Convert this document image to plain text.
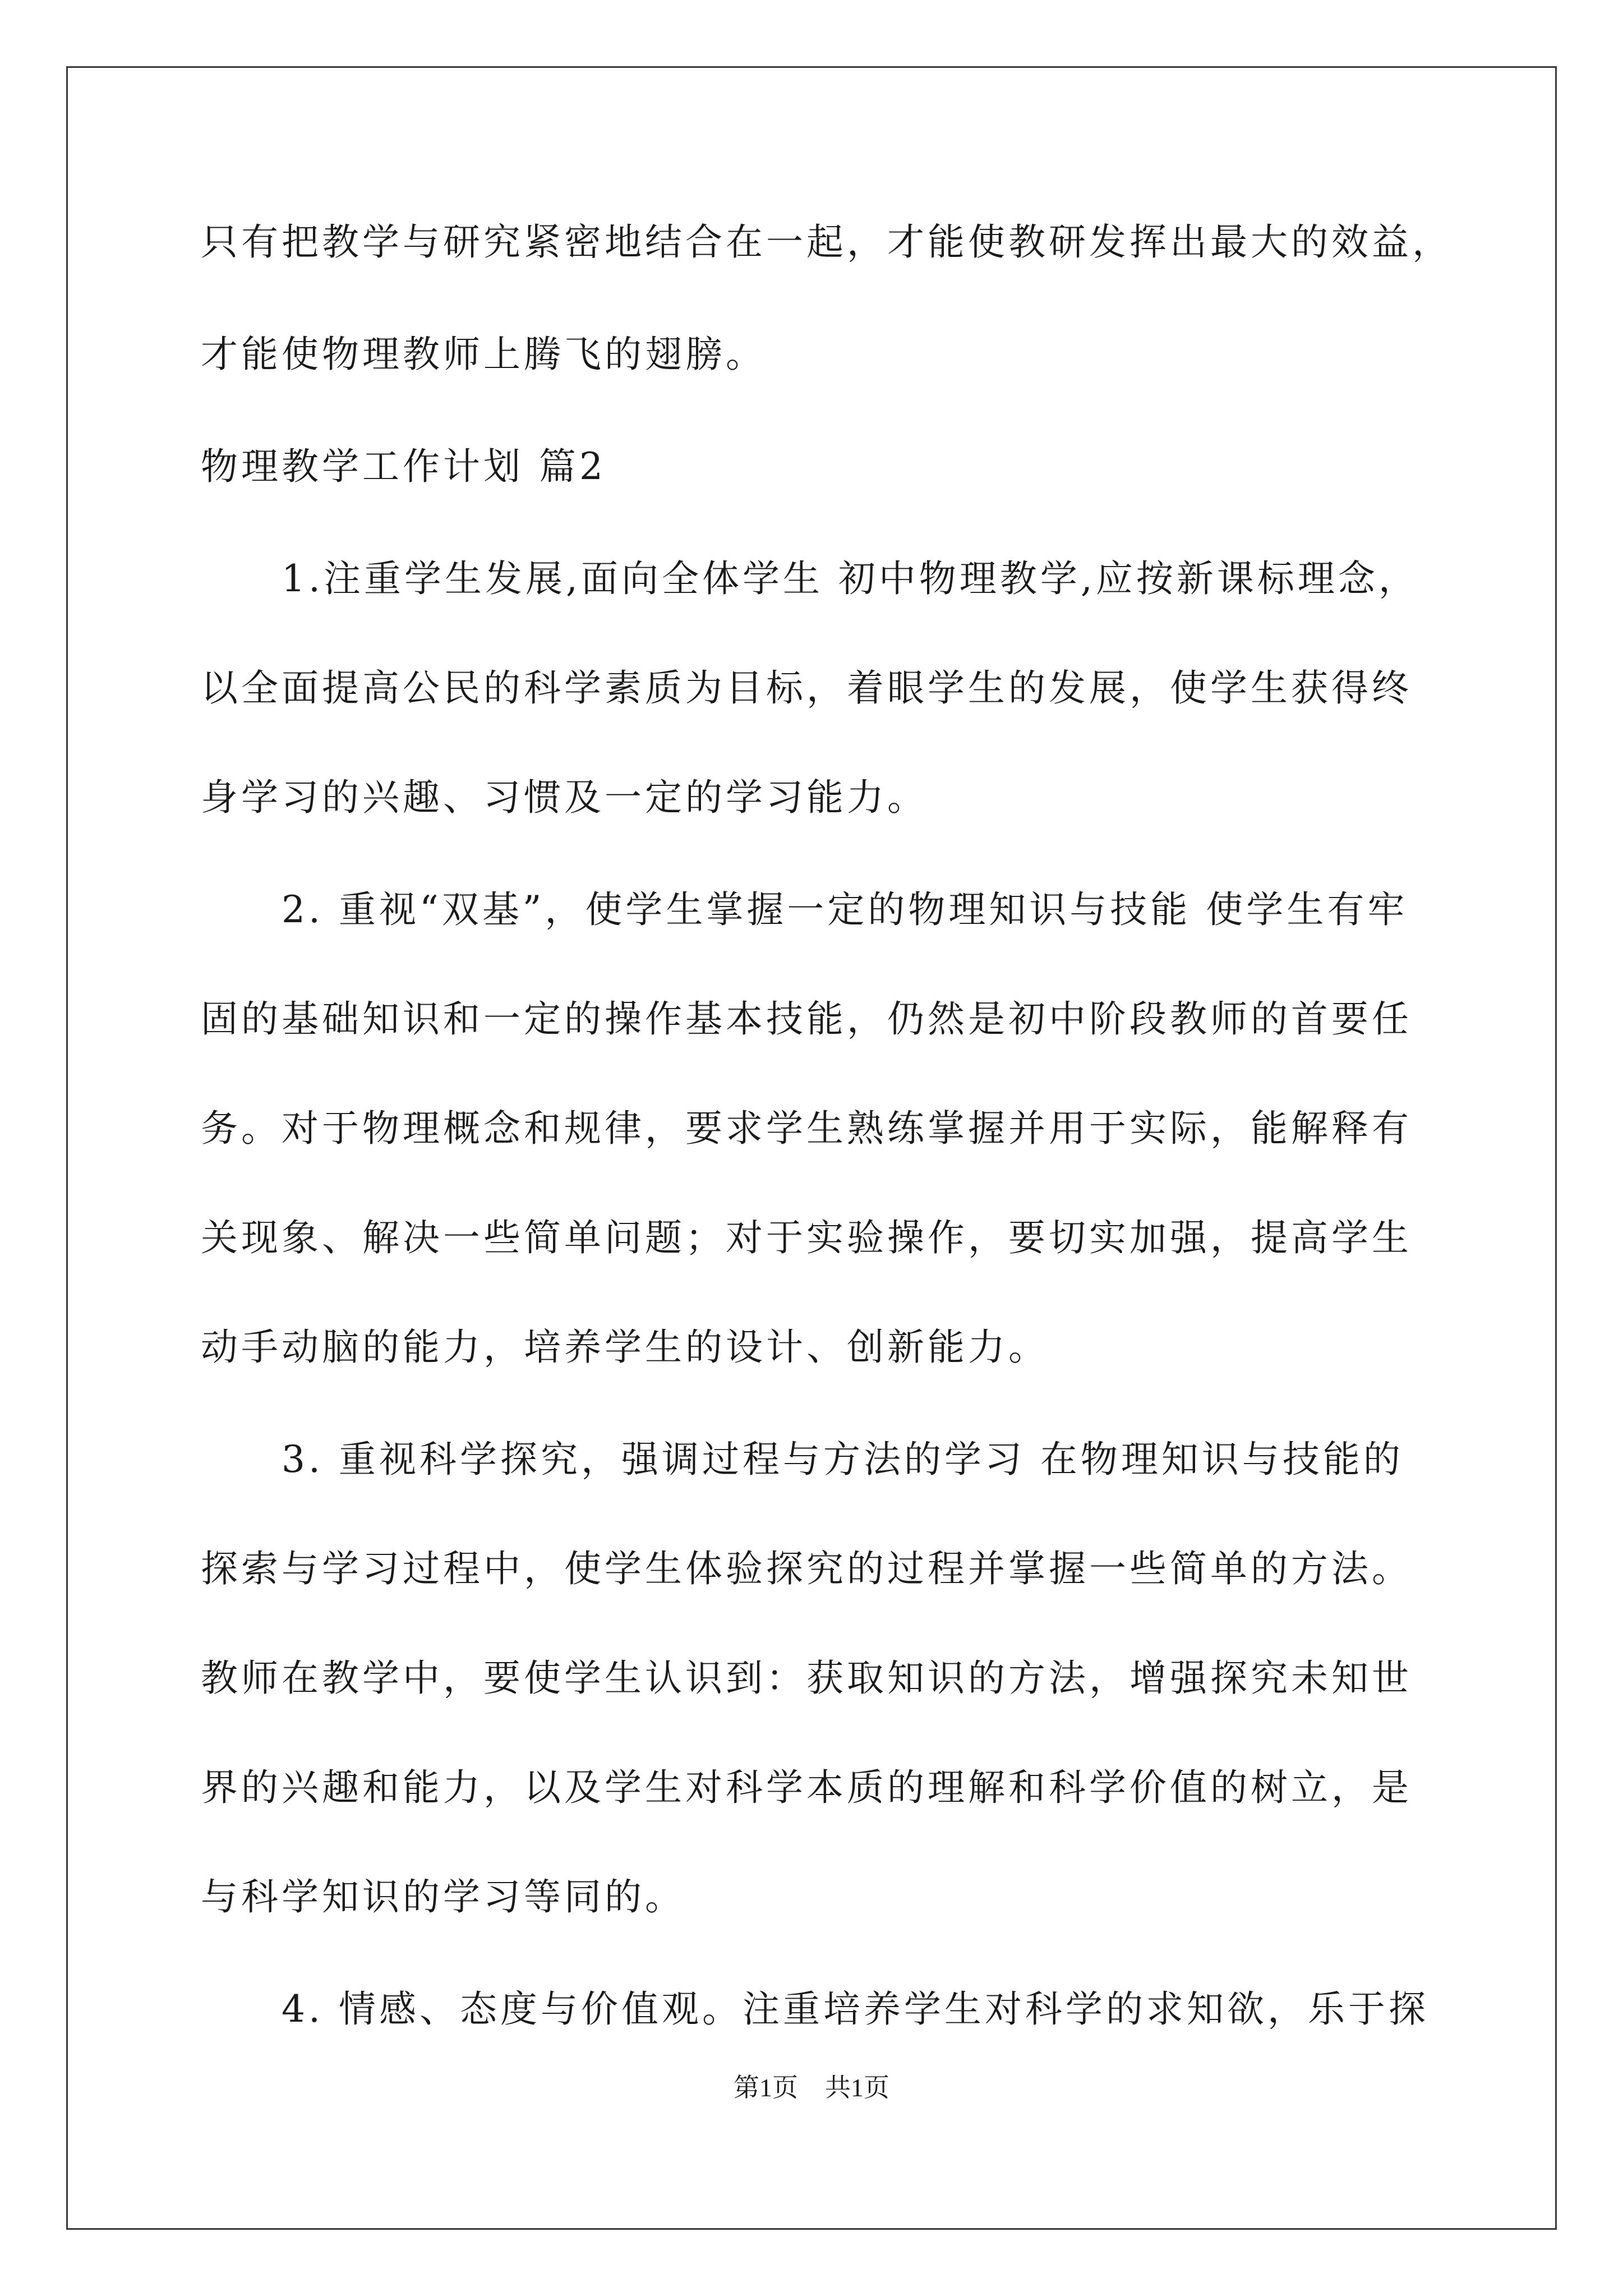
只有把教学与研究紧密地结合在一起，才能使教研发挥出最大的效益，
才能使物理教师上腾飞的翅膀。
物理教学工作计划 篇2
　　1.注重学生发展,面向全体学生 初中物理教学,应按新课标理念，
以全面提高公民的科学素质为目标，着眼学生的发展，使学生获得终
身学习的兴趣、习惯及一定的学习能力。
　　2. 重视“双基”，使学生掌握一定的物理知识与技能 使学生有牢
固的基础知识和一定的操作基本技能，仍然是初中阶段教师的首要任
务。对于物理概念和规律，要求学生熟练掌握并用于实际，能解释有
关现象、解决一些简单问题；对于实验操作，要切实加强，提高学生
动手动脑的能力，培养学生的设计、创新能力。
　　3. 重视科学探究，强调过程与方法的学习 在物理知识与技能的
探索与学习过程中，使学生体验探究的过程并掌握一些简单的方法。
教师在教学中，要使学生认识到：获取知识的方法，增强探究未知世
界的兴趣和能力，以及学生对科学本质的理解和科学价值的树立，是
与科学知识的学习等同的。
　　4. 情感、态度与价值观。注重培养学生对科学的求知欲，乐于探
第1页 共1页
